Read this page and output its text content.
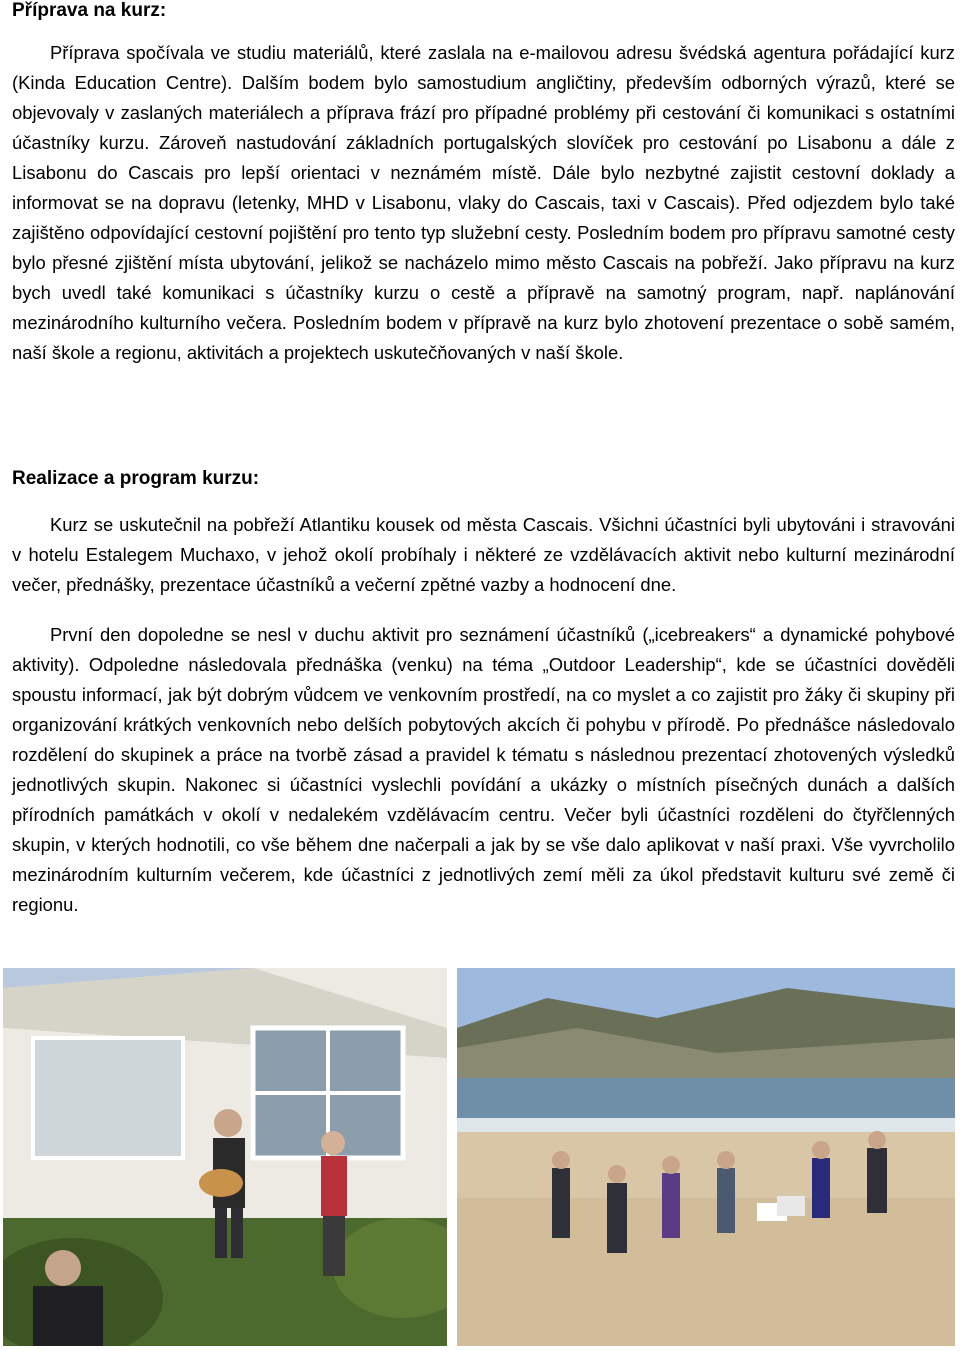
Příprava na kurz:

Příprava spočívala ve studiu materiálů, které zaslala na e-mailovou adresu švédská agentura pořádající kurz (Kinda Education Centre). Dalším bodem bylo samostudium angličtiny, především odborných výrazů, které se objevovaly v zaslaných materiálech a příprava frází pro případné problémy při cestování či komunikaci s ostatními účastníky kurzu. Zároveň nastudování základních portugalských slovíček pro cestování po Lisabonu a dále z Lisabonu do Cascais pro lepší orientaci v neznámém místě. Dále bylo nezbytné zajistit cestovní doklady a informovat se na dopravu (letenky, MHD v Lisabonu, vlaky do Cascais, taxi v Cascais). Před odjezdem bylo také zajištěno odpovídající cestovní pojištění pro tento typ služební cesty. Posledním bodem pro přípravu samotné cesty bylo přesné zjištění místa ubytování, jelikož se nacházelo mimo město Cascais na pobřeží. Jako přípravu na kurz bych uvedl také komunikaci s účastníky kurzu o cestě a přípravě na samotný program, např. naplánování mezinárodního kulturního večera. Posledním bodem v přípravě na kurz bylo zhotovení prezentace o sobě samém, naší škole a regionu, aktivitách a projektech uskutečňovaných v naší škole.

Realizace a program kurzu:

Kurz se uskutečnil na pobřeží Atlantiku kousek od města Cascais. Všichni účastníci byli ubytováni i stravováni v hotelu Estalegem Muchaxo, v jehož okolí probíhaly i některé ze vzdělávacích aktivit nebo kulturní mezinárodní večer, přednášky, prezentace účastníků a večerní zpětné vazby a hodnocení dne.

První den dopoledne se nesl v duchu aktivit pro seznámení účastníků („icebreakers“ a dynamické pohybové aktivity). Odpoledne následovala přednáška (venku) na téma „Outdoor Leadership“, kde se účastníci dověděli spoustu informací, jak být dobrým vůdcem ve venkovním prostředí, na co myslet a co zajistit pro žáky či skupiny při organizování krátkých venkovních nebo delších pobytových akcích či pohybu v přírodě. Po přednášce následovalo rozdělení do skupinek a práce na tvorbě zásad a pravidel k tématu s následnou prezentací zhotovených výsledků jednotlivých skupin. Nakonec si účastníci vyslechli povídání a ukázky o místních písečných dunách a dalších přírodních památkách v okolí v nedalekém vzdělávacím centru. Večer byli účastníci rozděleni do čtyřčlenných skupin, v kterých hodnotili, co vše během dne načerpali a jak by se vše dalo aplikovat v naší praxi. Vše vyvrcholilo mezinárodním kulturním večerem, kde účastníci z jednotlivých zemí měli za úkol představit kulturu své země či regionu.
